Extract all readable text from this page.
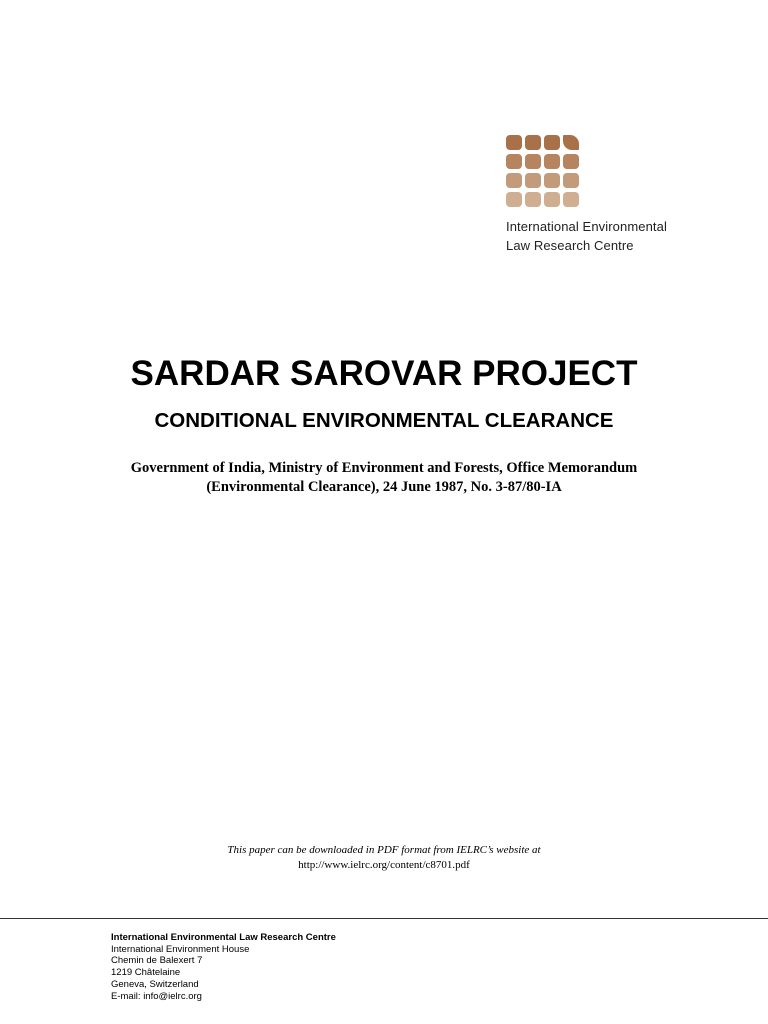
International Environmental
Law Research Centre
SARDAR SAROVAR PROJECT
CONDITIONAL ENVIRONMENTAL CLEARANCE
Government of India, Ministry of Environment and Forests, Office Memorandum
(Environmental Clearance), 24 June 1987, No. 3-87/80-IA
This paper can be downloaded in PDF format from IELRC’s website at
http://www.ielrc.org/content/c8701.pdf
International Environmental Law Research Centre
International Environment House
Chemin de Balexert 7
1219 Châtelaine
Geneva, Switzerland
E-mail: info@ielrc.org
